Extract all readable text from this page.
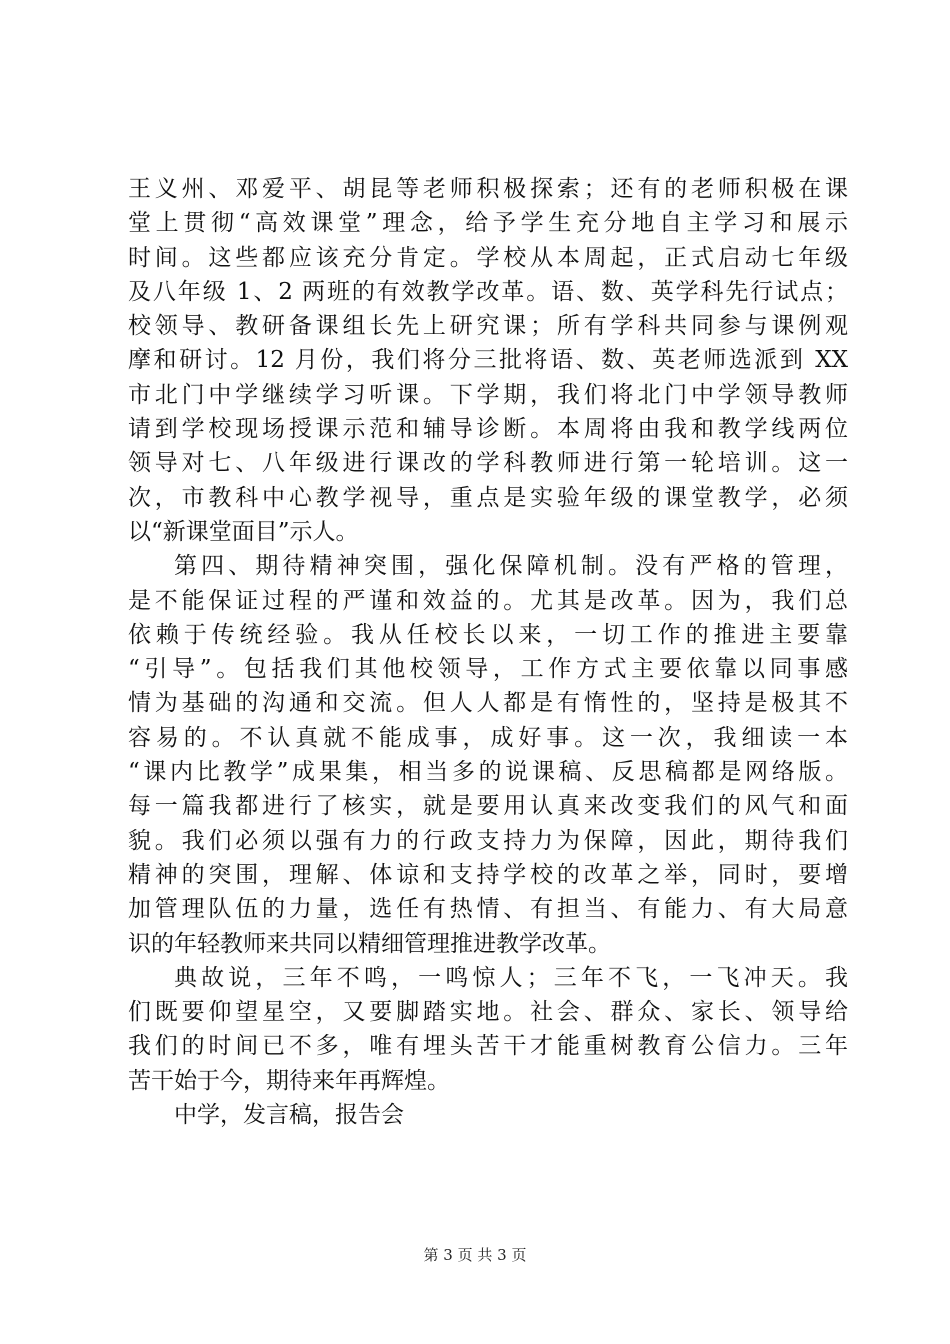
王义州、邓爱平、胡昆等老师积极探索；还有的老师积极在课
堂上贯彻“高效课堂”理念，给予学生充分地自主学习和展示
时间。这些都应该充分肯定。学校从本周起，正式启动七年级
及八年级 1、2 两班的有效教学改革。语、数、英学科先行试点；
校领导、教研备课组长先上研究课；所有学科共同参与课例观
摩和研讨。12 月份，我们将分三批将语、数、英老师选派到 XX
市北门中学继续学习听课。下学期，我们将北门中学领导教师
请到学校现场授课示范和辅导诊断。本周将由我和教学线两位
领导对七、八年级进行课改的学科教师进行第一轮培训。这一
次，市教科中心教学视导，重点是实验年级的课堂教学，必须
以“新课堂面目”示人。
第四、期待精神突围，强化保障机制。没有严格的管理，
是不能保证过程的严谨和效益的。尤其是改革。因为，我们总
依赖于传统经验。我从任校长以来，一切工作的推进主要靠
“引导”。包括我们其他校领导，工作方式主要依靠以同事感
情为基础的沟通和交流。但人人都是有惰性的，坚持是极其不
容易的。不认真就不能成事，成好事。这一次，我细读一本
“课内比教学”成果集，相当多的说课稿、反思稿都是网络版。
每一篇我都进行了核实，就是要用认真来改变我们的风气和面
貌。我们必须以强有力的行政支持力为保障，因此，期待我们
精神的突围，理解、体谅和支持学校的改革之举，同时，要增
加管理队伍的力量，选任有热情、有担当、有能力、有大局意
识的年轻教师来共同以精细管理推进教学改革。
典故说，三年不鸣，一鸣惊人；三年不飞，一飞冲天。我
们既要仰望星空，又要脚踏实地。社会、群众、家长、领导给
我们的时间已不多，唯有埋头苦干才能重树教育公信力。三年
苦干始于今，期待来年再辉煌。
中学，发言稿，报告会
第 3 页 共 3 页
